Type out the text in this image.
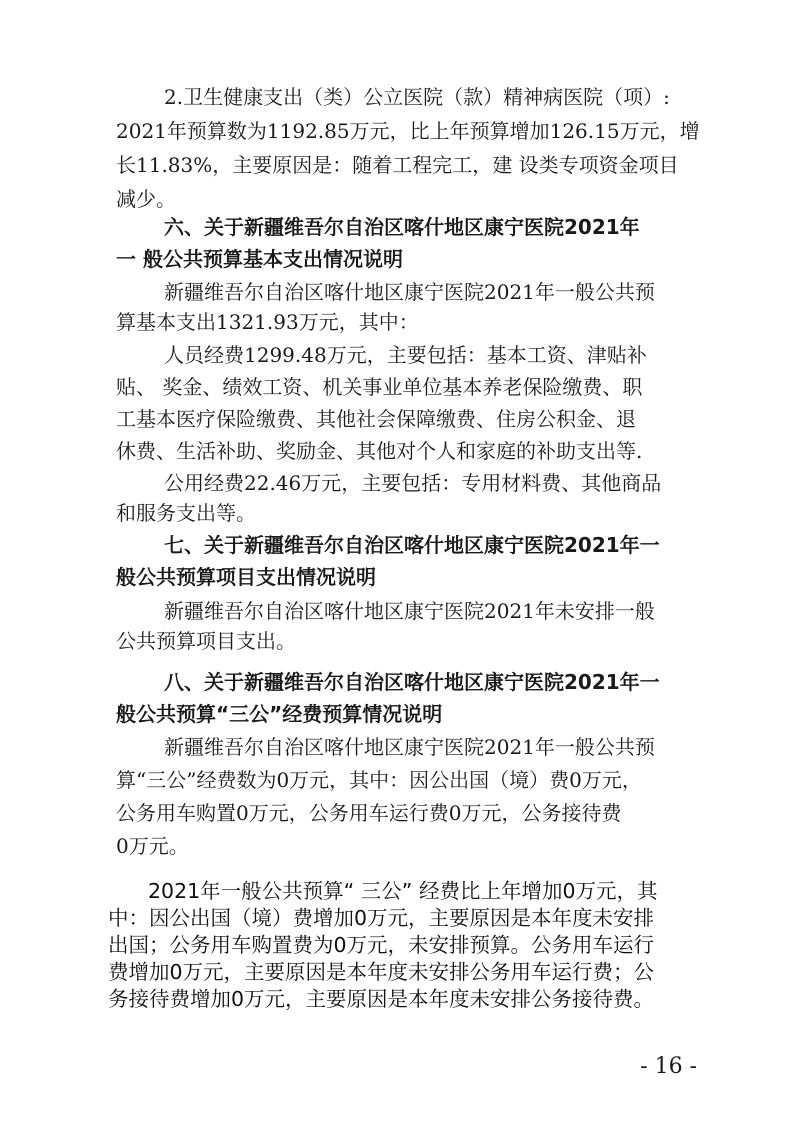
2.卫生健康支出（类）公立医院（款）精神病医院（项）:
2021年预算数为1192.85万元，比上年预算增加126.15万元，增
长11.83%，主要原因是：随着工程完工，建 设类专项资金项目
减少。
六、关于新疆维吾尔自治区喀什地区康宁医院2021年
一 般公共预算基本支出情况说明
新疆维吾尔自治区喀什地区康宁医院2021年一般公共预
算基本支出1321.93万元，其中：
人员经费1299.48万元，主要包括：基本工资、津贴补
贴、 奖金、绩效工资、机关事业单位基本养老保险缴费、职
工基本医疗保险缴费、其他社会保障缴费、住房公积金、退
休费、生活补助、奖励金、其他对个人和家庭的补助支出等.
公用经费22.46万元，主要包括：专用材料费、其他商品
和服务支出等。
七、关于新疆维吾尔自治区喀什地区康宁医院2021年一
般公共预算项目支出情况说明
新疆维吾尔自治区喀什地区康宁医院2021年未安排一般
公共预算项目支出。
八、关于新疆维吾尔自治区喀什地区康宁医院2021年一
般公共预算“三公”经费预算情况说明
新疆维吾尔自治区喀什地区康宁医院2021年一般公共预
算“三公”经费数为0万元，其中：因公出国（境）费0万元，
公务用车购置0万元，公务用车运行费0万元，公务接待费
0万元。
2021年一般公共预算“ 三公” 经费比上年增加0万元，其
中：因公出国（境）费增加0万元，主要原因是本年度未安排
出国；公务用车购置费为0万元，未安排预算。公务用车运行
费增加0万元，主要原因是本年度未安排公务用车运行费；公
务接待费增加0万元，主要原因是本年度未安排公务接待费。
- 16 -
